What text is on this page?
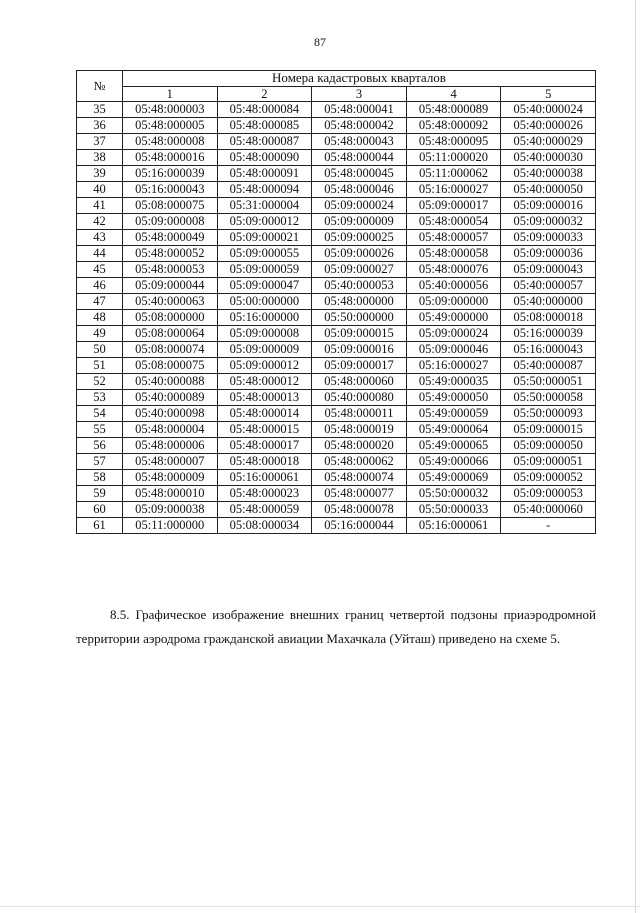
87
№	Номера кадастровых кварталов				
	1	2	3	4	5
35	05:48:000003	05:48:000084	05:48:000041	05:48:000089	05:40:000024
36	05:48:000005	05:48:000085	05:48:000042	05:48:000092	05:40:000026
37	05:48:000008	05:48:000087	05:48:000043	05:48:000095	05:40:000029
38	05:48:000016	05:48:000090	05:48:000044	05:11:000020	05:40:000030
39	05:16:000039	05:48:000091	05:48:000045	05:11:000062	05:40:000038
40	05:16:000043	05:48:000094	05:48:000046	05:16:000027	05:40:000050
41	05:08:000075	05:31:000004	05:09:000024	05:09:000017	05:09:000016
42	05:09:000008	05:09:000012	05:09:000009	05:48:000054	05:09:000032
43	05:48:000049	05:09:000021	05:09:000025	05:48:000057	05:09:000033
44	05:48:000052	05:09:000055	05:09:000026	05:48:000058	05:09:000036
45	05:48:000053	05:09:000059	05:09:000027	05:48:000076	05:09:000043
46	05:09:000044	05:09:000047	05:40:000053	05:40:000056	05:40:000057
47	05:40:000063	05:00:000000	05:48:000000	05:09:000000	05:40:000000
48	05:08:000000	05:16:000000	05:50:000000	05:49:000000	05:08:000018
49	05:08:000064	05:09:000008	05:09:000015	05:09:000024	05:16:000039
50	05:08:000074	05:09:000009	05:09:000016	05:09:000046	05:16:000043
51	05:08:000075	05:09:000012	05:09:000017	05:16:000027	05:40:000087
52	05:40:000088	05:48:000012	05:48:000060	05:49:000035	05:50:000051
53	05:40:000089	05:48:000013	05:40:000080	05:49:000050	05:50:000058
54	05:40:000098	05:48:000014	05:48:000011	05:49:000059	05:50:000093
55	05:48:000004	05:48:000015	05:48:000019	05:49:000064	05:09:000015
56	05:48:000006	05:48:000017	05:48:000020	05:49:000065	05:09:000050
57	05:48:000007	05:48:000018	05:48:000062	05:49:000066	05:09:000051
58	05:48:000009	05:16:000061	05:48:000074	05:49:000069	05:09:000052
59	05:48:000010	05:48:000023	05:48:000077	05:50:000032	05:09:000053
60	05:09:000038	05:48:000059	05:48:000078	05:50:000033	05:40:000060
61	05:11:000000	05:08:000034	05:16:000044	05:16:000061	-

8.5. Графическое изображение внешних границ четвертой подзоны приаэродромной территории аэродрома гражданской авиации Махачкала (Уйташ) приведено на схеме 5.
